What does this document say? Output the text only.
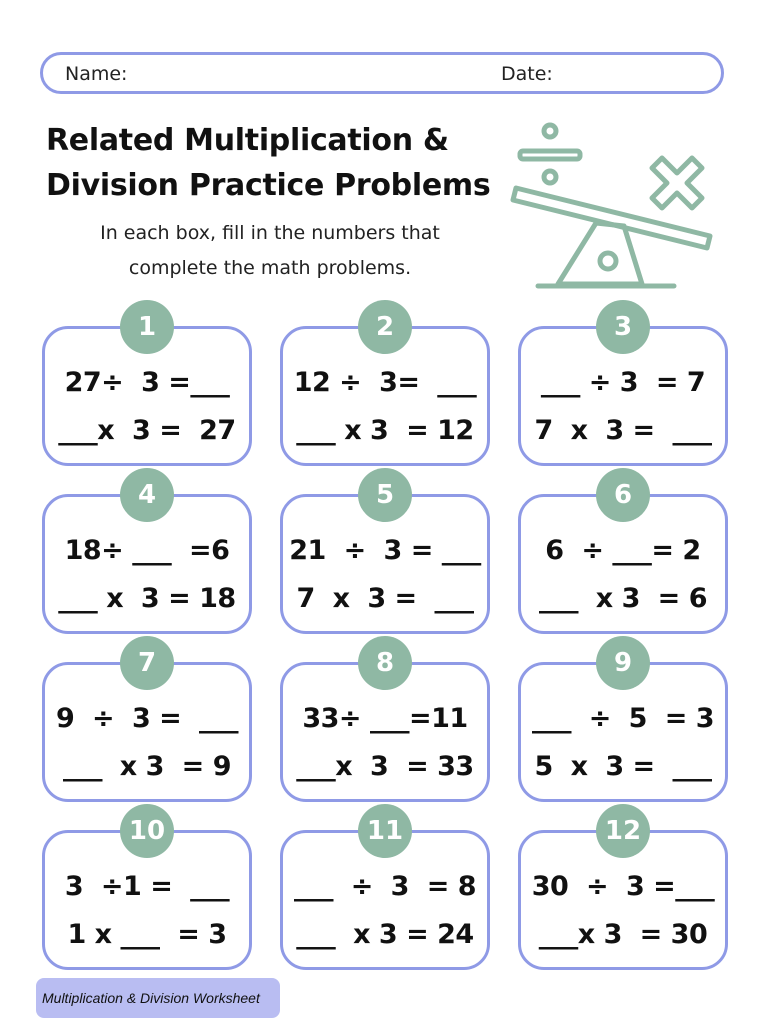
Name:	Date:
Related Multiplication &
Division Practice Problems
In each box, fill in the numbers that
complete the math problems.
27÷  3 =___
___x  3 =  27
1
12 ÷  3=  ___
___ x 3  = 12
2
___ ÷ 3  = 7
7  x  3 =  ___
3
18÷ ___  =6
___ x  3 = 18
4
21  ÷  3 = ___
7  x  3 =  ___
5
6  ÷ ___= 2
___  x 3  = 6
6
9  ÷  3 =  ___
___  x 3  = 9
7
33÷ ___=11
___x  3  = 33
8
___  ÷  5  = 3
5  x  3 =  ___
9
3  ÷1 =  ___
1 x ___  = 3
10
___  ÷  3  = 8
___  x 3 = 24
11
30  ÷  3 =___
___x 3  = 30
12
Multiplication & Division Worksheet
